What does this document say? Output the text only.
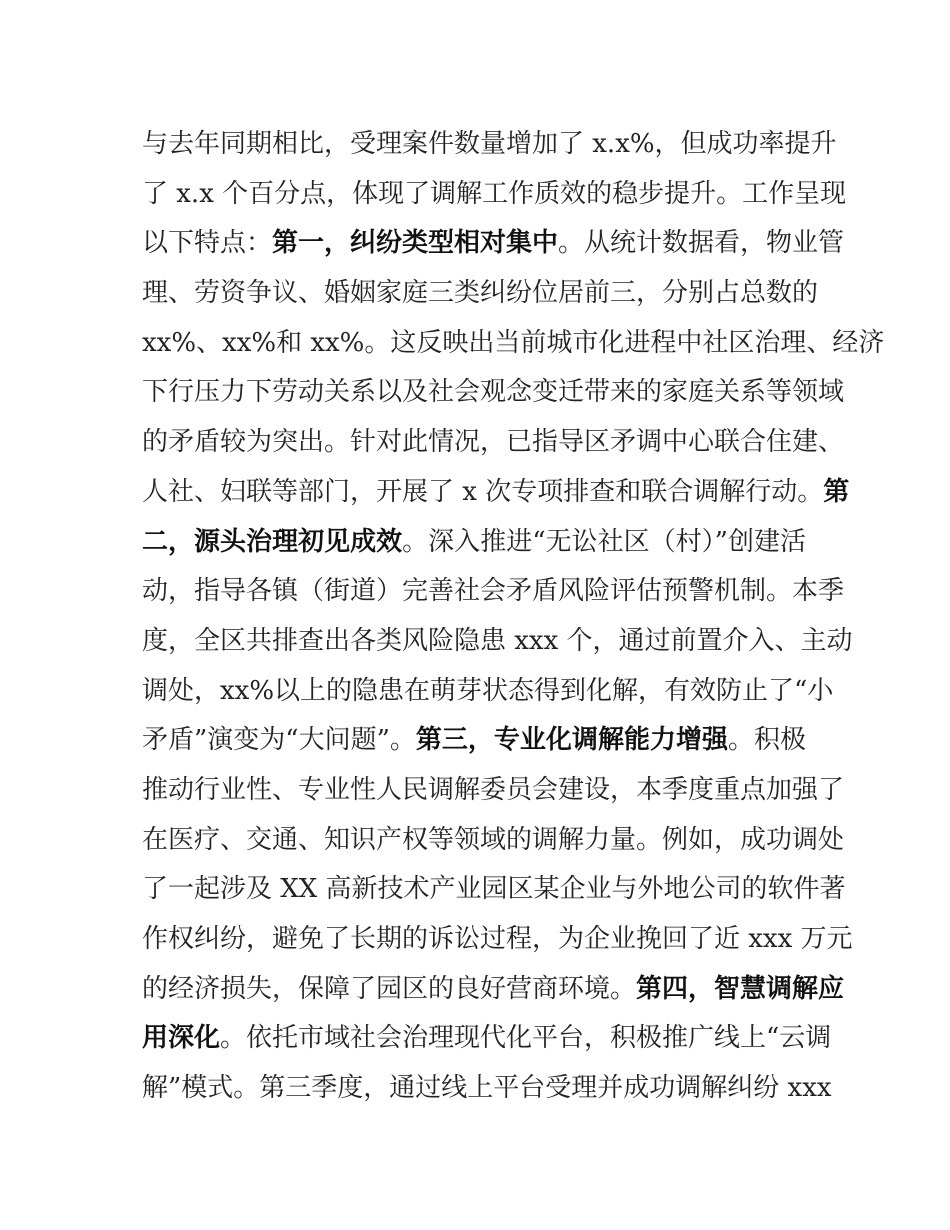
与去年同期相比，受理案件数量增加了 x.x%，但成功率提升
了 x.x 个百分点，体现了调解工作质效的稳步提升。工作呈现
以下特点：第一，纠纷类型相对集中。从统计数据看，物业管
理、劳资争议、婚姻家庭三类纠纷位居前三，分别占总数的
xx%、xx%和 xx%。这反映出当前城市化进程中社区治理、经济
下行压力下劳动关系以及社会观念变迁带来的家庭关系等领域
的矛盾较为突出。针对此情况，已指导区矛调中心联合住建、
人社、妇联等部门，开展了 x 次专项排查和联合调解行动。第
二，源头治理初见成效。深入推进“无讼社区（村）”创建活
动，指导各镇（街道）完善社会矛盾风险评估预警机制。本季
度，全区共排查出各类风险隐患 xxx 个，通过前置介入、主动
调处，xx%以上的隐患在萌芽状态得到化解，有效防止了“小
矛盾”演变为“大问题”。第三，专业化调解能力增强。积极
推动行业性、专业性人民调解委员会建设，本季度重点加强了
在医疗、交通、知识产权等领域的调解力量。例如，成功调处
了一起涉及 XX 高新技术产业园区某企业与外地公司的软件著
作权纠纷，避免了长期的诉讼过程，为企业挽回了近 xxx 万元
的经济损失，保障了园区的良好营商环境。第四，智慧调解应
用深化。依托市域社会治理现代化平台，积极推广线上“云调
解”模式。第三季度，通过线上平台受理并成功调解纠纷 xxx
